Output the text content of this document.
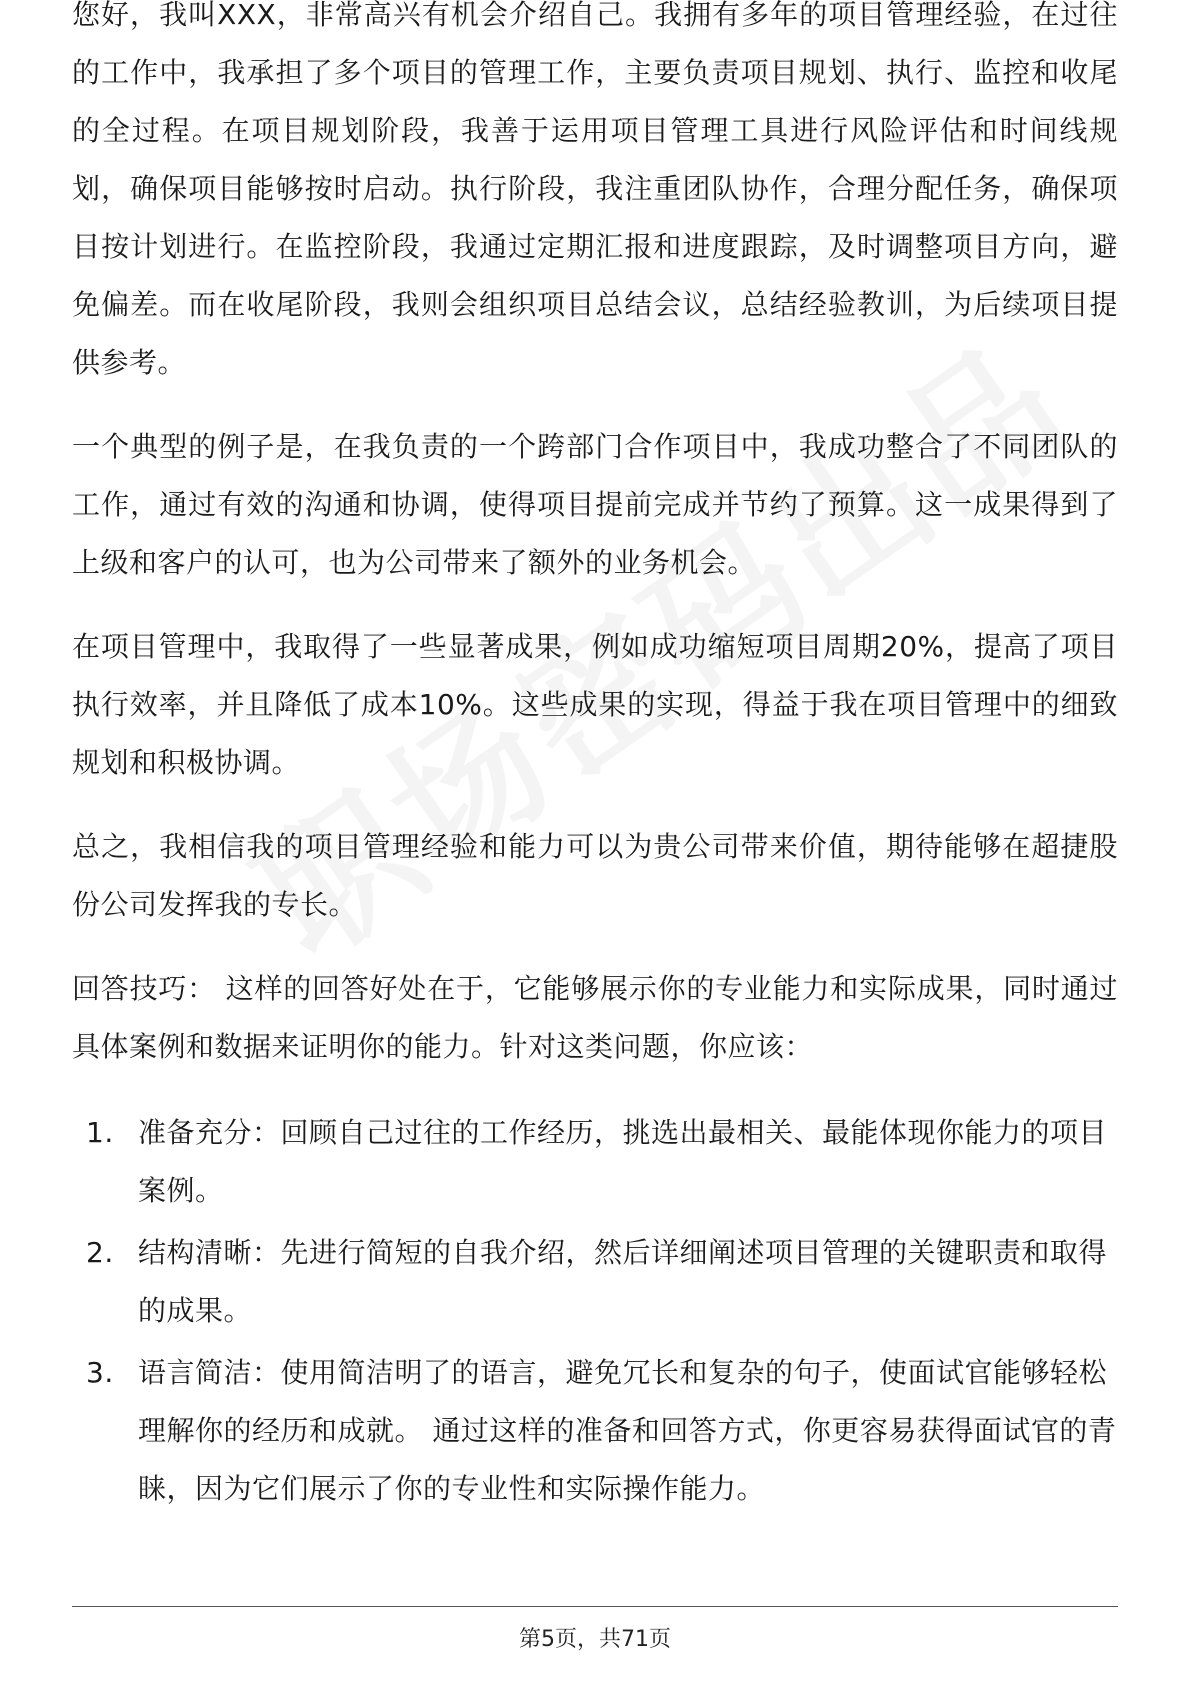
您好，我叫XXX，非常高兴有机会介绍自己。我拥有多年的项目管理经验，在过往的工作中，我承担了多个项目的管理工作，主要负责项目规划、执行、监控和收尾的全过程。在项目规划阶段，我善于运用项目管理工具进行风险评估和时间线规划，确保项目能够按时启动。执行阶段，我注重团队协作，合理分配任务，确保项目按计划进行。在监控阶段，我通过定期汇报和进度跟踪，及时调整项目方向，避免偏差。而在收尾阶段，我则会组织项目总结会议，总结经验教训，为后续项目提供参考。

一个典型的例子是，在我负责的一个跨部门合作项目中，我成功整合了不同团队的工作，通过有效的沟通和协调，使得项目提前完成并节约了预算。这一成果得到了上级和客户的认可，也为公司带来了额外的业务机会。

在项目管理中，我取得了一些显著成果，例如成功缩短项目周期20%，提高了项目执行效率，并且降低了成本10%。这些成果的实现，得益于我在项目管理中的细致规划和积极协调。

总之，我相信我的项目管理经验和能力可以为贵公司带来价值，期待能够在超捷股份公司发挥我的专长。

回答技巧： 这样的回答好处在于，它能够展示你的专业能力和实际成果，同时通过具体案例和数据来证明你的能力。针对这类问题，你应该：

1. 准备充分：回顾自己过往的工作经历，挑选出最相关、最能体现你能力的项目案例。
2. 结构清晰：先进行简短的自我介绍，然后详细阐述项目管理的关键职责和取得的成果。
3. 语言简洁：使用简洁明了的语言，避免冗长和复杂的句子，使面试官能够轻松理解你的经历和成就。 通过这样的准备和回答方式，你更容易获得面试官的青睐，因为它们展示了你的专业性和实际操作能力。
第5页，共71页
